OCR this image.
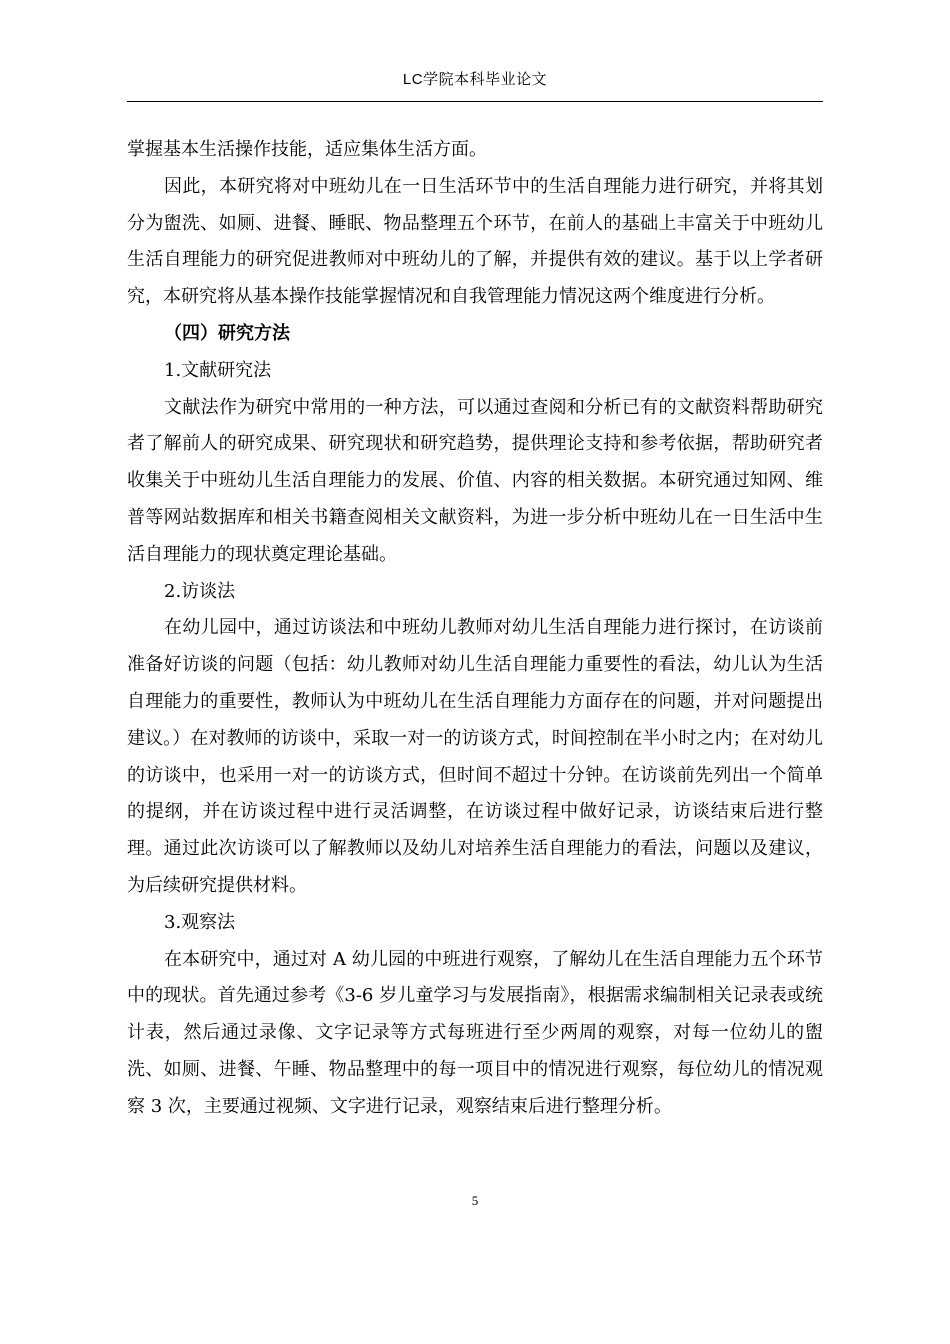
LC学院本科毕业论文

掌握基本生活操作技能，适应集体生活方面。

因此，本研究将对中班幼儿在一日生活环节中的生活自理能力进行研究，并将其划分为盥洗、如厕、进餐、睡眠、物品整理五个环节，在前人的基础上丰富关于中班幼儿生活自理能力的研究促进教师对中班幼儿的了解，并提供有效的建议。基于以上学者研究，本研究将从基本操作技能掌握情况和自我管理能力情况这两个维度进行分析。

（四）研究方法

1.文献研究法

文献法作为研究中常用的一种方法，可以通过查阅和分析已有的文献资料帮助研究者了解前人的研究成果、研究现状和研究趋势，提供理论支持和参考依据，帮助研究者收集关于中班幼儿生活自理能力的发展、价值、内容的相关数据。本研究通过知网、维普等网站数据库和相关书籍查阅相关文献资料，为进一步分析中班幼儿在一日生活中生活自理能力的现状奠定理论基础。

2.访谈法

在幼儿园中，通过访谈法和中班幼儿教师对幼儿生活自理能力进行探讨，在访谈前准备好访谈的问题（包括：幼儿教师对幼儿生活自理能力重要性的看法，幼儿认为生活自理能力的重要性，教师认为中班幼儿在生活自理能力方面存在的问题，并对问题提出建议。）在对教师的访谈中，采取一对一的访谈方式，时间控制在半小时之内；在对幼儿的访谈中，也采用一对一的访谈方式，但时间不超过十分钟。在访谈前先列出一个简单的提纲，并在访谈过程中进行灵活调整，在访谈过程中做好记录，访谈结束后进行整理。通过此次访谈可以了解教师以及幼儿对培养生活自理能力的看法，问题以及建议，为后续研究提供材料。

3.观察法

在本研究中，通过对 A 幼儿园的中班进行观察，了解幼儿在生活自理能力五个环节中的现状。首先通过参考《3-6 岁儿童学习与发展指南》，根据需求编制相关记录表或统计表，然后通过录像、文字记录等方式每班进行至少两周的观察，对每一位幼儿的盥洗、如厕、进餐、午睡、物品整理中的每一项目中的情况进行观察，每位幼儿的情况观察 3 次，主要通过视频、文字进行记录，观察结束后进行整理分析。

5
